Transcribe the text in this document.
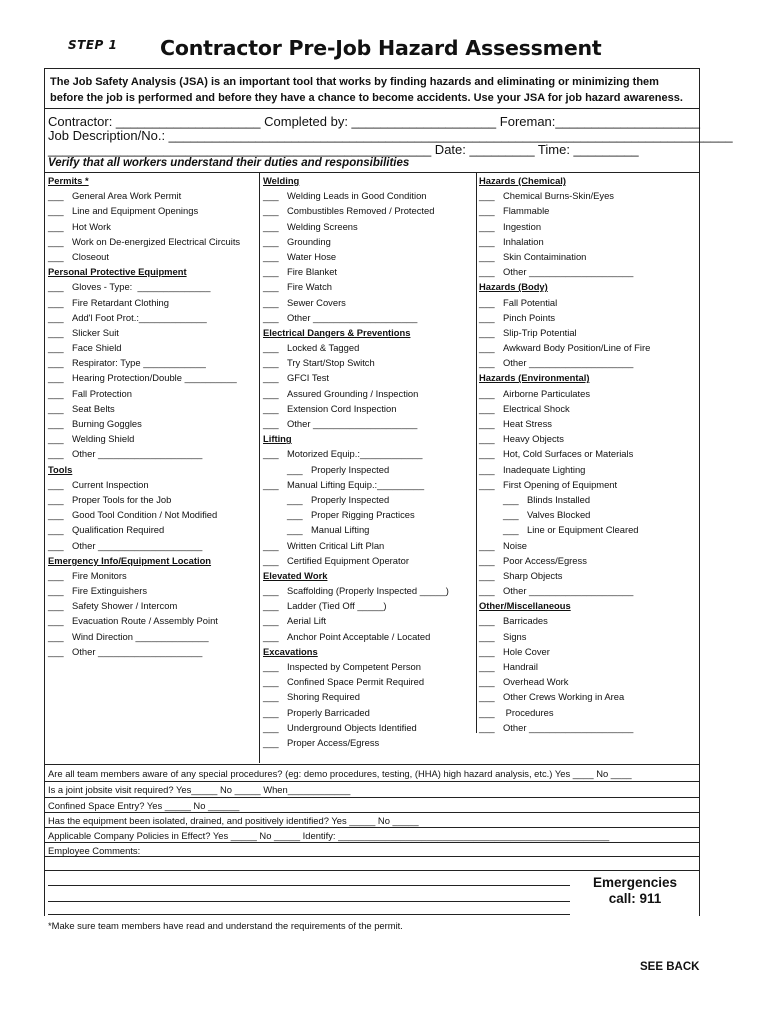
STEP 1 Contractor Pre-Job Hazard Assessment
The Job Safety Analysis (JSA) is an important tool that works by finding hazards and eliminating or minimizing them before the job is performed and before they have a chance to become accidents. Use your JSA for job hazard awareness.
Contractor: ____________________ Completed by: ____________________ Foreman:____________________
Job Description/No.: ______________________________________________________________________________
_____________________________________________________ Date: _________ Time: _________
Verify that all workers understand their duties and responsibilities
Permits *
___ General Area Work Permit
___ Line and Equipment Openings
___ Hot Work
___ Work on De-energized Electrical Circuits
___ Closeout
Personal Protective Equipment
___ Gloves - Type:  ______________
___ Fire Retardant Clothing
___ Add'l Foot Prot.:_____________
___ Slicker Suit
___ Face Shield
___ Respirator: Type ____________
___ Hearing Protection/Double __________
___ Fall Protection
___ Seat Belts
___ Burning Goggles
___ Welding Shield
___ Other ____________________
Tools
___ Current Inspection
___ Proper Tools for the Job
___ Good Tool Condition / Not Modified
___ Qualification Required
___ Other ____________________
Emergency Info/Equipment Location
___ Fire Monitors
___ Fire Extinguishers
___ Safety Shower / Intercom
___ Evacuation Route / Assembly Point
___ Wind Direction ______________
___ Other ____________________
Welding
___ Welding Leads in Good Condition
___ Combustibles Removed / Protected
___ Welding Screens
___ Grounding
___ Water Hose
___ Fire Blanket
___ Fire Watch
___ Sewer Covers
___ Other ____________________
Electrical Dangers & Preventions
___ Locked & Tagged
___ Try Start/Stop Switch
___ GFCI Test
___ Assured Grounding / Inspection
___ Extension Cord Inspection
___ Other ____________________
Lifting
___ Motorized Equip.:____________
___ Properly Inspected
___ Manual Lifting Equip.:_________
___ Properly Inspected
___ Proper Rigging Practices
___ Manual Lifting
___ Written Critical Lift Plan
___ Certified Equipment Operator
Elevated Work
___ Scaffolding (Properly Inspected _____)
___ Ladder (Tied Off _____)
___ Aerial Lift
___ Anchor Point Acceptable / Located
Excavations
___ Inspected by Competent Person
___ Confined Space Permit Required
___ Shoring Required
___ Properly Barricaded
___ Underground Objects Identified
___ Proper Access/Egress
Hazards (Chemical)
___ Chemical Burns-Skin/Eyes
___ Flammable
___ Ingestion
___ Inhalation
___ Skin Contaimination
___ Other ____________________
Hazards (Body)
___ Fall Potential
___ Pinch Points
___ Slip-Trip Potential
___ Awkward Body Position/Line of Fire
___ Other ____________________
Hazards (Environmental)
___ Airborne Particulates
___ Electrical Shock
___ Heat Stress
___ Heavy Objects
___ Hot, Cold Surfaces or Materials
___ Inadequate Lighting
___ First Opening of Equipment
___ Blinds Installed
___ Valves Blocked
___ Line or Equipment Cleared
___ Noise
___ Poor Access/Egress
___ Sharp Objects
___ Other ____________________
Other/Miscellaneous
___ Barricades
___ Signs
___ Hole Cover
___ Handrail
___ Overhead Work
___ Other Crews Working in Area
___ Procedures
___ Other ____________________
Are all team members aware of any special procedures? (eg: demo procedures, testing, (HHA) high hazard analysis, etc.) Yes ____ No ____
Is a joint jobsite visit required? Yes_____ No _____ When____________
Confined Space Entry? Yes _____ No ______
Has the equipment been isolated, drained, and positively identified? Yes _____ No _____
Applicable Company Policies in Effect? Yes _____ No _____ Identify: ____________________________________________________
Employee Comments:
Emergencies
call: 911
*Make sure team members have read and understand the requirements of the permit.
SEE BACK
